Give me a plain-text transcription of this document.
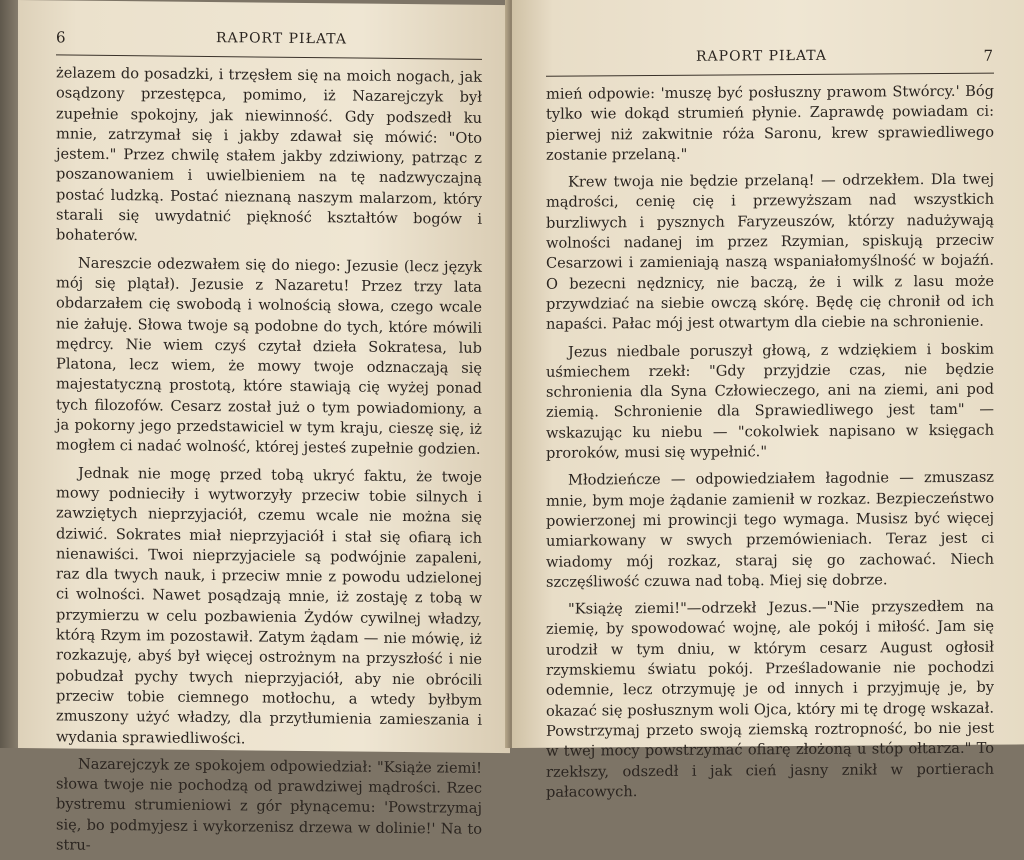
6	RAPORT PIŁATA

żelazem do posadzki, i trzęsłem się na moich nogach, jak osądzony przestępca, pomimo, iż Nazarejczyk był zupełnie spokojny, jak niewinność. Gdy podszedł ku mnie, zatrzymał się i jakby zdawał się mówić: "Oto jestem." Przez chwilę stałem jakby zdziwiony, patrząc z poszanowaniem i uwielbieniem na tę nadzwyczajną postać ludzką. Postać nieznaną naszym malarzom, który starali się uwydatnić piękność kształtów bogów i bohaterów.

Nareszcie odezwałem się do niego: Jezusie (lecz język mój się plątał). Jezusie z Nazaretu! Przez trzy lata obdarzałem cię swobodą i wolnością słowa, czego wcale nie żałuję. Słowa twoje są podobne do tych, które mówili mędrcy. Nie wiem czyś czytał dzieła Sokratesa, lub Platona, lecz wiem, że mowy twoje odznaczają się majestatyczną prostotą, które stawiają cię wyżej ponad tych filozofów. Cesarz został już o tym powiadomiony, a ja pokorny jego przedstawiciel w tym kraju, cieszę się, iż mogłem ci nadać wolność, której jesteś zupełnie godzien.

Jednak nie mogę przed tobą ukryć faktu, że twoje mowy podnieciły i wytworzyły przeciw tobie silnych i zawziętych nieprzyjaciół, czemu wcale nie można się dziwić. Sokrates miał nieprzyjaciół i stał się ofiarą ich nienawiści. Twoi nieprzyjaciele są podwójnie zapaleni, raz dla twych nauk, i przeciw mnie z powodu udzielonej ci wolności. Nawet posądzają mnie, iż zostaję z tobą w przymierzu w celu pozbawienia Żydów cywilnej władzy, którą Rzym im pozostawił. Zatym żądam — nie mówię, iż rozkazuję, abyś był więcej ostrożnym na przyszłość i nie pobudzał pychy twych nieprzyjaciół, aby nie obrócili przeciw tobie ciemnego motłochu, a wtedy byłbym zmuszony użyć władzy, dla przytłumienia zamieszania i wydania sprawiedliwości.

Nazarejczyk ze spokojem odpowiedział: "Książe ziemi! słowa twoje nie pochodzą od prawdziwej mądrości. Rzec bystremu strumieniowi z gór płynącemu: 'Powstrzymaj się, bo podmyjesz i wykorzenisz drzewa w dolinie!' Na to stru-

RAPORT PIŁATA	7

mień odpowie: 'muszę być posłuszny prawom Stwórcy.' Bóg tylko wie dokąd strumień płynie. Zaprawdę powiadam ci: pierwej niż zakwitnie róża Saronu, krew sprawiedliwego zostanie przelaną."

Krew twoja nie będzie przelaną! — odrzekłem. Dla twej mądrości, cenię cię i przewyższam nad wszystkich burzliwych i pysznych Faryzeuszów, którzy nadużywają wolności nadanej im przez Rzymian, spiskują przeciw Cesarzowi i zamieniają naszą wspaniałomyślność w bojaźń. O bezecni nędznicy, nie baczą, że i wilk z lasu może przywdziać na siebie owczą skórę. Będę cię chronił od ich napaści. Pałac mój jest otwartym dla ciebie na schronienie.

Jezus niedbale poruszył głową, z wdziękiem i boskim uśmiechem rzekł: "Gdy przyjdzie czas, nie będzie schronienia dla Syna Człowieczego, ani na ziemi, ani pod ziemią. Schronienie dla Sprawiedliwego jest tam" — wskazując ku niebu — "cokolwiek napisano w księgach proroków, musi się wypełnić."

Młodzieńcze — odpowiedziałem łagodnie — zmuszasz mnie, bym moje żądanie zamienił w rozkaz. Bezpieczeństwo powierzonej mi prowincji tego wymaga. Musisz być więcej umiarkowany w swych przemówieniach. Teraz jest ci wiadomy mój rozkaz, staraj się go zachować. Niech szczęśliwość czuwa nad tobą. Miej się dobrze.

"Książę ziemi!"—odrzekł Jezus.—"Nie przyszedłem na ziemię, by spowodować wojnę, ale pokój i miłość. Jam się urodził w tym dniu, w którym cesarz August ogłosił rzymskiemu światu pokój. Prześladowanie nie pochodzi odemnie, lecz otrzymuję je od innych i przyjmuję je, by okazać się posłusznym woli Ojca, który mi tę drogę wskazał. Powstrzymaj przeto swoją ziemską roztropność, bo nie jest w twej mocy powstrzymać ofiarę złożoną u stóp ołtarza." To rzekłszy, odszedł i jak cień jasny znikł w portierach pałacowych.
